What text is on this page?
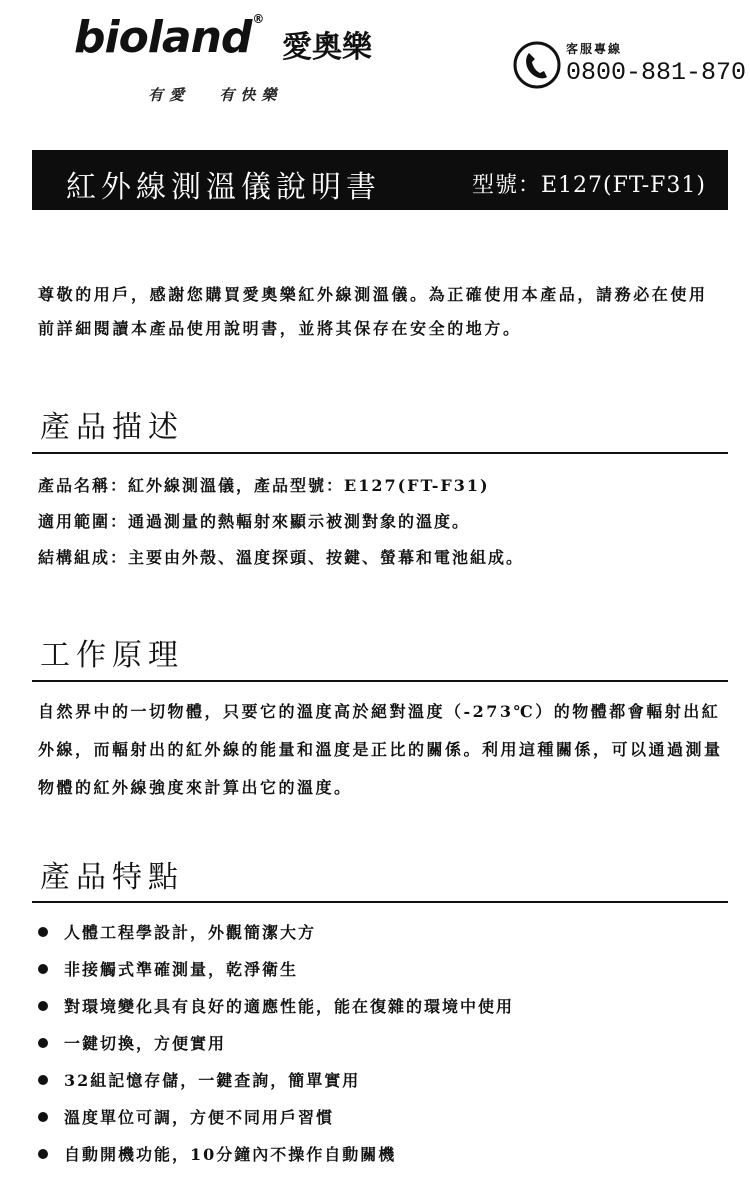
bioland®
愛奧樂
有愛 有快樂
客服專線
0800-881-870
紅外線測溫儀說明書	型號：E127(FT-F31)
尊敬的用戶，感謝您購買愛奧樂紅外線測溫儀。為正確使用本產品，請務必在使用前詳細閱讀本產品使用說明書，並將其保存在安全的地方。
產品描述
產品名稱：紅外線測溫儀，產品型號：E127(FT-F31)
適用範圍：通過測量的熱輻射來顯示被測對象的溫度。
結構組成：主要由外殼、溫度探頭、按鍵、螢幕和電池組成。
工作原理
自然界中的一切物體，只要它的溫度高於絕對溫度（-273℃）的物體都會輻射出紅外線，而輻射出的紅外線的能量和溫度是正比的關係。利用這種關係，可以通過測量物體的紅外線強度來計算出它的溫度。
產品特點
人體工程學設計，外觀簡潔大方
非接觸式準確測量，乾淨衛生
對環境變化具有良好的適應性能，能在復雜的環境中使用
一鍵切換，方便實用
32組記憶存儲，一鍵查詢，簡單實用
溫度單位可調，方便不同用戶習慣
自動開機功能，10分鐘內不操作自動關機
